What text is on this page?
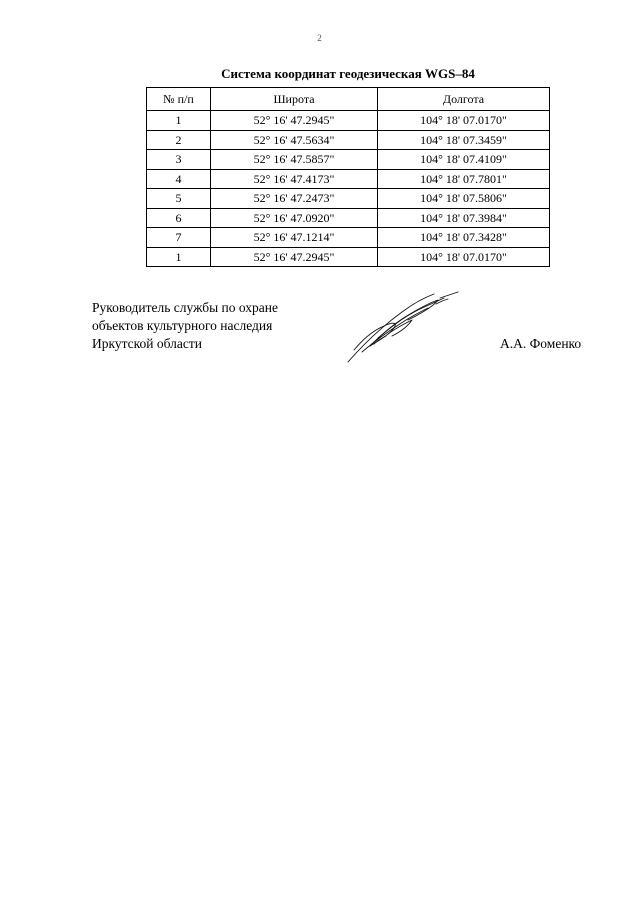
2
Система координат геодезическая WGS–84
№ п/п	Широта	Долгота
1	52° 16' 47.2945"	104° 18' 07.0170"
2	52° 16' 47.5634"	104° 18' 07.3459"
3	52° 16' 47.5857"	104° 18' 07.4109"
4	52° 16' 47.4173"	104° 18' 07.7801"
5	52° 16' 47.2473"	104° 18' 07.5806"
6	52° 16' 47.0920"	104° 18' 07.3984"
7	52° 16' 47.1214"	104° 18' 07.3428"
1	52° 16' 47.2945"	104° 18' 07.0170"
Руководитель службы по охране
объектов культурного наследия
Иркутской области	А.А. Фоменко
